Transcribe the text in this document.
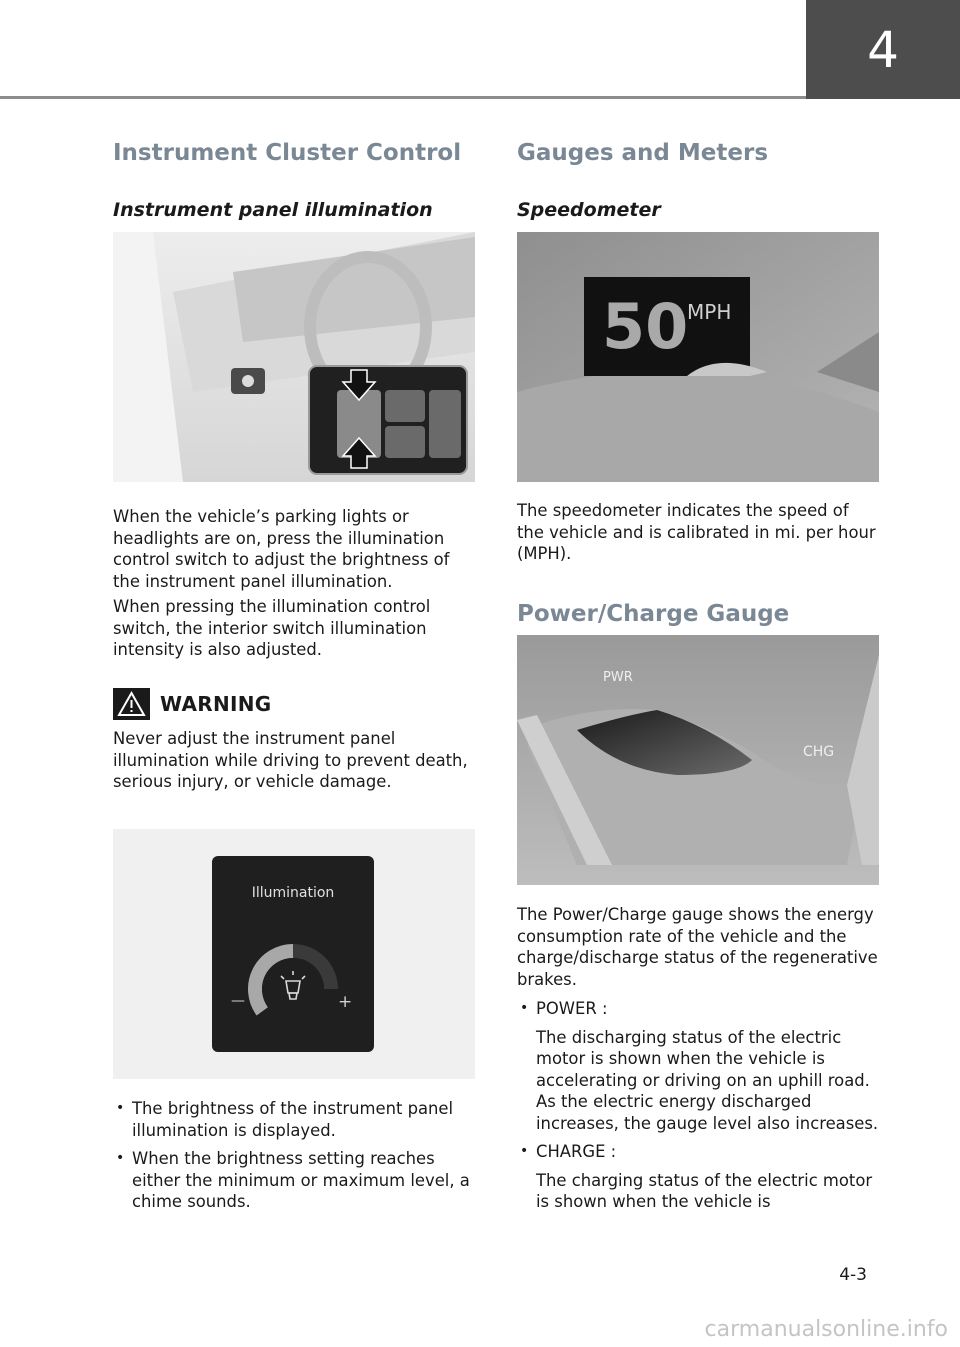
4
Instrument Cluster Control
Instrument panel illumination

When the vehicle’s parking lights or headlights are on, press the illumination control switch to adjust the brightness of the instrument panel illumination.

When pressing the illumination control switch, the interior switch illumination intensity is also adjusted.

WARNING

Never adjust the instrument panel illumination while driving to prevent death, serious injury, or vehicle damage.

Illumination
—	+
• The brightness of the instrument panel illumination is displayed.
• When the brightness setting reaches either the minimum or maximum level, a chime sounds.
Gauges and Meters
Speedometer
50
MPH

The speedometer indicates the speed of the vehicle and is calibrated in mi. per hour (MPH).

Power/Charge Gauge
PWR
CHG

The Power/Charge gauge shows the energy consumption rate of the vehicle and the charge/discharge status of the regenerative brakes.

• POWER :
The discharging status of the electric motor is shown when the vehicle is accelerating or driving on an uphill road. As the electric energy discharged increases, the gauge level also increases.
• CHARGE :
The charging status of the electric motor is shown when the vehicle is
4-3
carmanualsonline.info
